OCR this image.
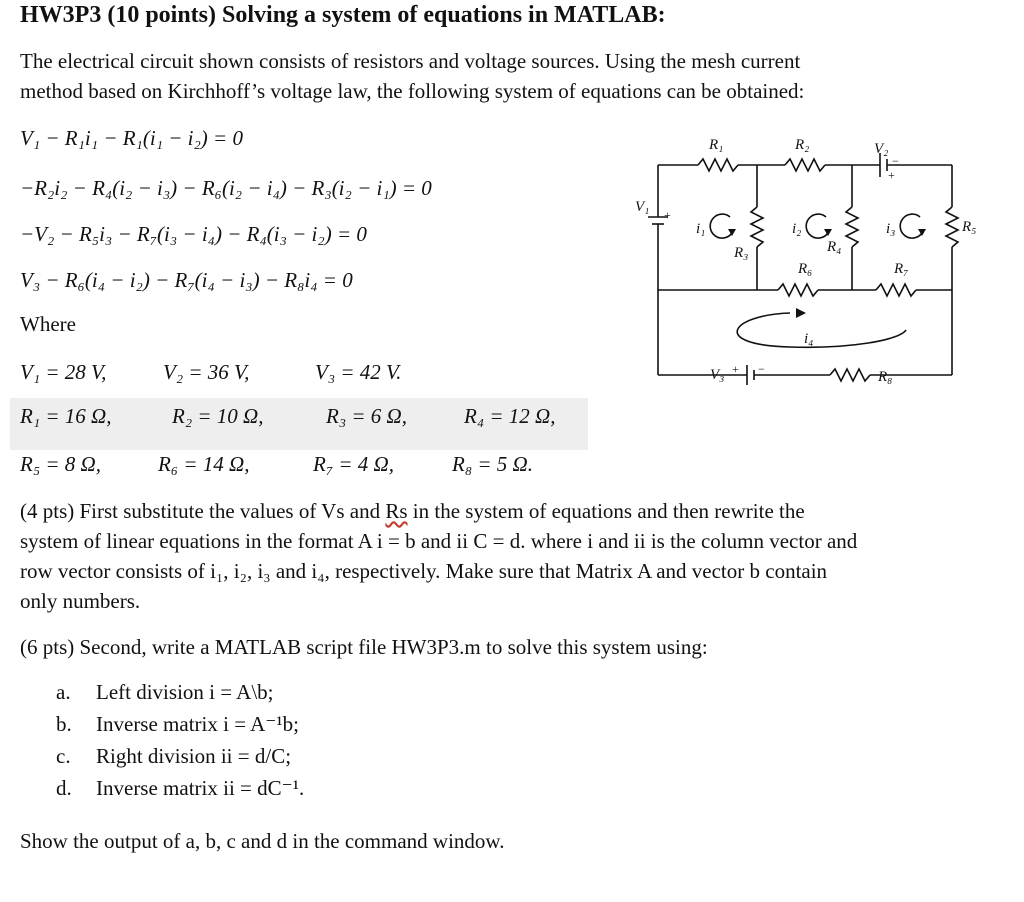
HW3P3 (10 points) Solving a system of equations in MATLAB:
The electrical circuit shown consists of resistors and voltage sources. Using the mesh current
method based on Kirchhoff’s voltage law, the following system of equations can be obtained:
V₁ − R₁i₁ − R₁(i₁ − i₂) = 0
−R₂i₂ − R₄(i₂ − i₃) − R₆(i₂ − i₄) − R₃(i₂ − i₁) = 0
−V₂ − R₅i₃ − R₇(i₃ − i₄) − R₄(i₃ − i₂) = 0
V₃ − R₆(i₄ − i₂) − R₇(i₄ − i₃) − R₈i₄ = 0
Where
V₁ = 28 V,	V₂ = 36 V,	V₃ = 42 V.
R₁ = 16 Ω,	R₂ = 10 Ω,	R₃ = 6 Ω,	R₄ = 12 Ω,
R₅ = 8 Ω,	R₆ = 14 Ω,	R₇ = 4 Ω,	R₈ = 5 Ω.
(4 pts) First substitute the values of Vs and Rs in the system of equations and then rewrite the
system of linear equations in the format A i = b and ii C = d. where i and ii is the column vector and
row vector consists of i₁, i₂, i₃ and i₄, respectively. Make sure that Matrix A and vector b contain
only numbers.
(6 pts) Second, write a MATLAB script file HW3P3.m to solve this system using:
a. Left division i = A\b;
b. Inverse matrix i = A⁻¹b;
c. Right division ii = d/C;
d. Inverse matrix ii = dC⁻¹.
Show the output of a, b, c and d in the command window.
R₁	R₂	V₂
+
−
V₁ +
i₁	i₂	i₃	R₅
R₃	R₄
R₆	R₇
i₄
V₃ + −	R₈
